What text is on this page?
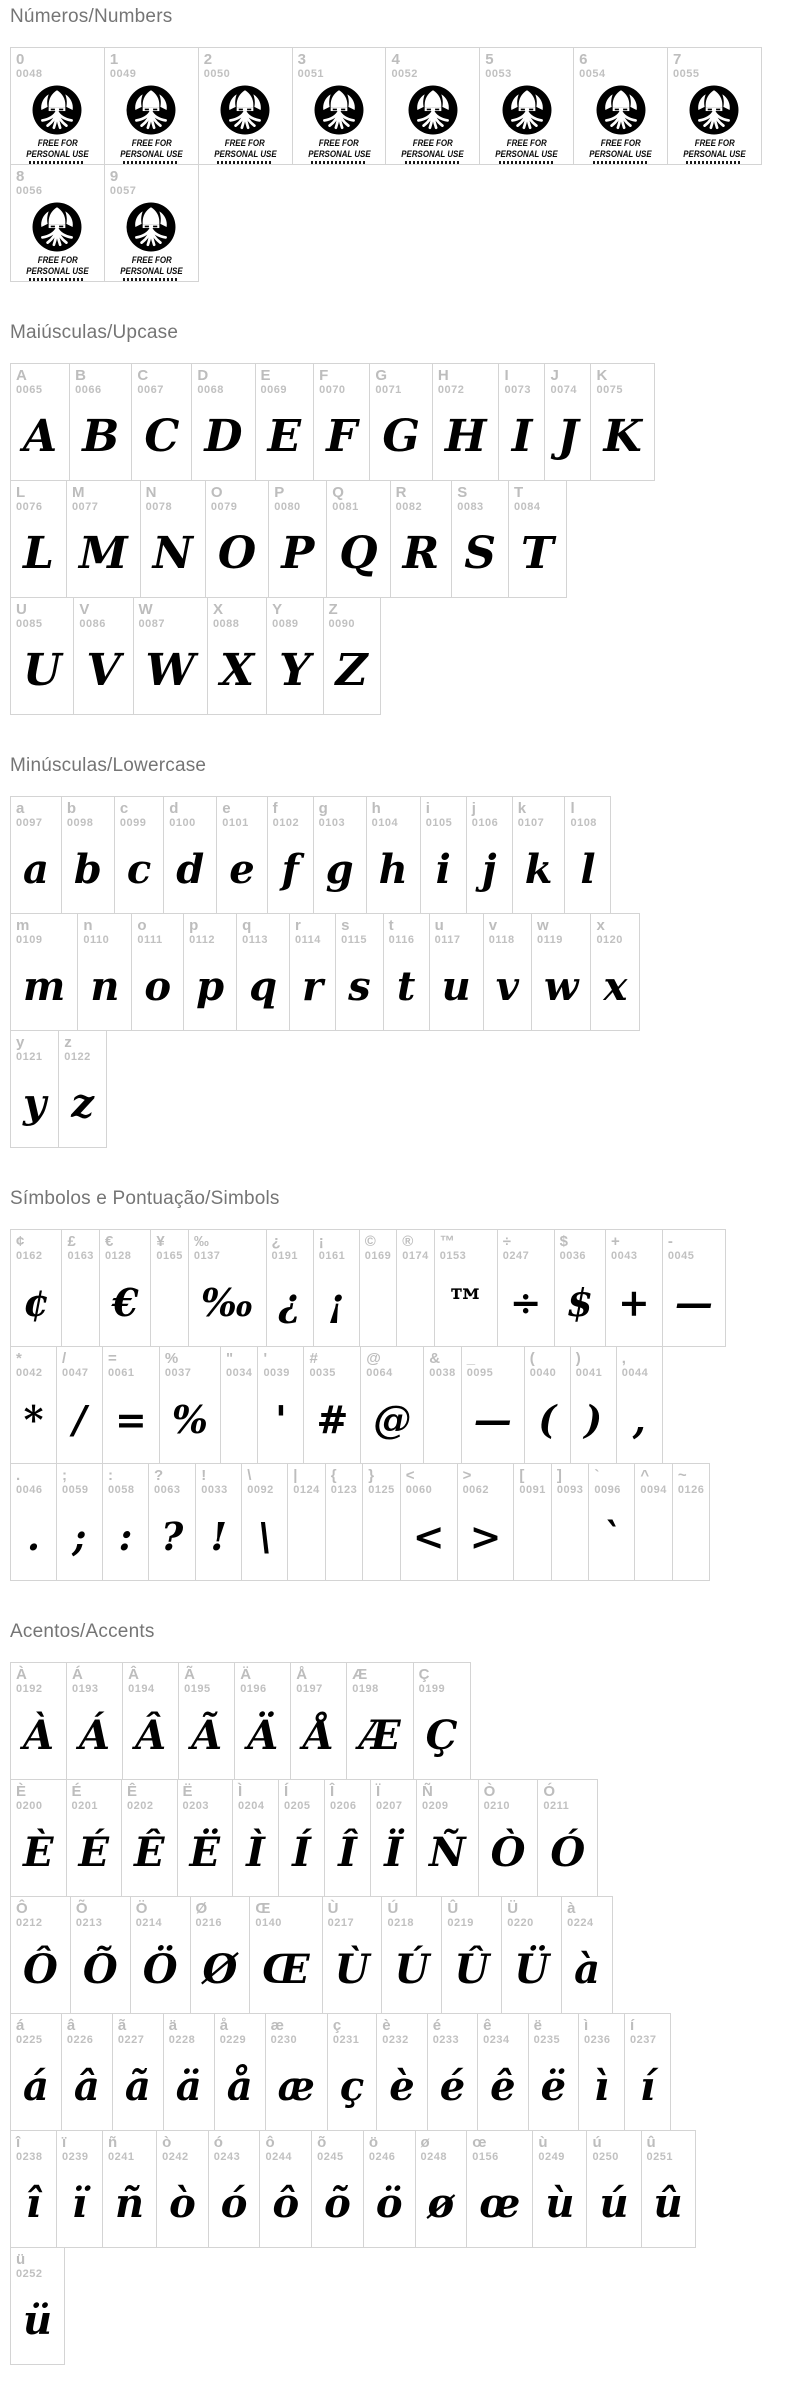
Números/Numbers
0
0048
FREE FOR
PERSONAL USE
1
0049
FREE FOR
PERSONAL USE
2
0050
FREE FOR
PERSONAL USE
3
0051
FREE FOR
PERSONAL USE
4
0052
FREE FOR
PERSONAL USE
5
0053
FREE FOR
PERSONAL USE
6
0054
FREE FOR
PERSONAL USE
7
0055
FREE FOR
PERSONAL USE
8
0056
FREE FOR
PERSONAL USE
9
0057
FREE FOR
PERSONAL USE
Maiúsculas/Upcase
A
0065
A
B
0066
B
C
0067
C
D
0068
D
E
0069
E
F
0070
F
G
0071
G
H
0072
H
I
0073
I
J
0074
J
K
0075
K
L
0076
L
M
0077
M
N
0078
N
O
0079
O
P
0080
P
Q
0081
Q
R
0082
R
S
0083
S
T
0084
T
U
0085
U
V
0086
V
W
0087
W
X
0088
X
Y
0089
Y
Z
0090
Z
Minúsculas/Lowercase
a
0097
a
b
0098
b
c
0099
c
d
0100
d
e
0101
e
f
0102
f
g
0103
g
h
0104
h
i
0105
i
j
0106
j
k
0107
k
l
0108
l
m
0109
m
n
0110
n
o
0111
o
p
0112
p
q
0113
q
r
0114
r
s
0115
s
t
0116
t
u
0117
u
v
0118
v
w
0119
w
x
0120
x
y
0121
y
z
0122
z
Símbolos e Pontuação/Simbols
¢
0162
¢
£
0163
€
0128
€
¥
0165
‰
0137
‰
¿
0191
¿
¡
0161
¡
©
0169
®
0174
™
0153
™
÷
0247
÷
$
0036
$
+
0043
+
-
0045
—
*
0042
*
/
0047
/
=
0061
=
%
0037
%
"
0034
'
0039
'
#
0035
#
@
0064
@
&
0038
_
0095
—
(
0040
(
)
0041
)
,
0044
,
.
0046
.
;
0059
;
:
0058
:
?
0063
?
!
0033
!
\
0092
\
|
0124
{
0123
}
0125
<
0060
<
>
0062
>
[
0091
]
0093
`
0096
`
^
0094
~
0126
Acentos/Accents
À
0192
À
Á
0193
Á
Â
0194
Â
Ã
0195
Ã
Ä
0196
Ä
Å
0197
Å
Æ
0198
Æ
Ç
0199
Ç
È
0200
È
É
0201
É
Ê
0202
Ê
Ë
0203
Ë
Ì
0204
Ì
Í
0205
Í
Î
0206
Î
Ï
0207
Ï
Ñ
0209
Ñ
Ò
0210
Ò
Ó
0211
Ó
Ô
0212
Ô
Õ
0213
Õ
Ö
0214
Ö
Ø
0216
Ø
Œ
0140
Œ
Ù
0217
Ù
Ú
0218
Ú
Û
0219
Û
Ü
0220
Ü
à
0224
à
á
0225
á
â
0226
â
ã
0227
ã
ä
0228
ä
å
0229
å
æ
0230
æ
ç
0231
ç
è
0232
è
é
0233
é
ê
0234
ê
ë
0235
ë
ì
0236
ì
í
0237
í
î
0238
î
ï
0239
ï
ñ
0241
ñ
ò
0242
ò
ó
0243
ó
ô
0244
ô
õ
0245
õ
ö
0246
ö
ø
0248
ø
œ
0156
œ
ù
0249
ù
ú
0250
ú
û
0251
û
ü
0252
ü
